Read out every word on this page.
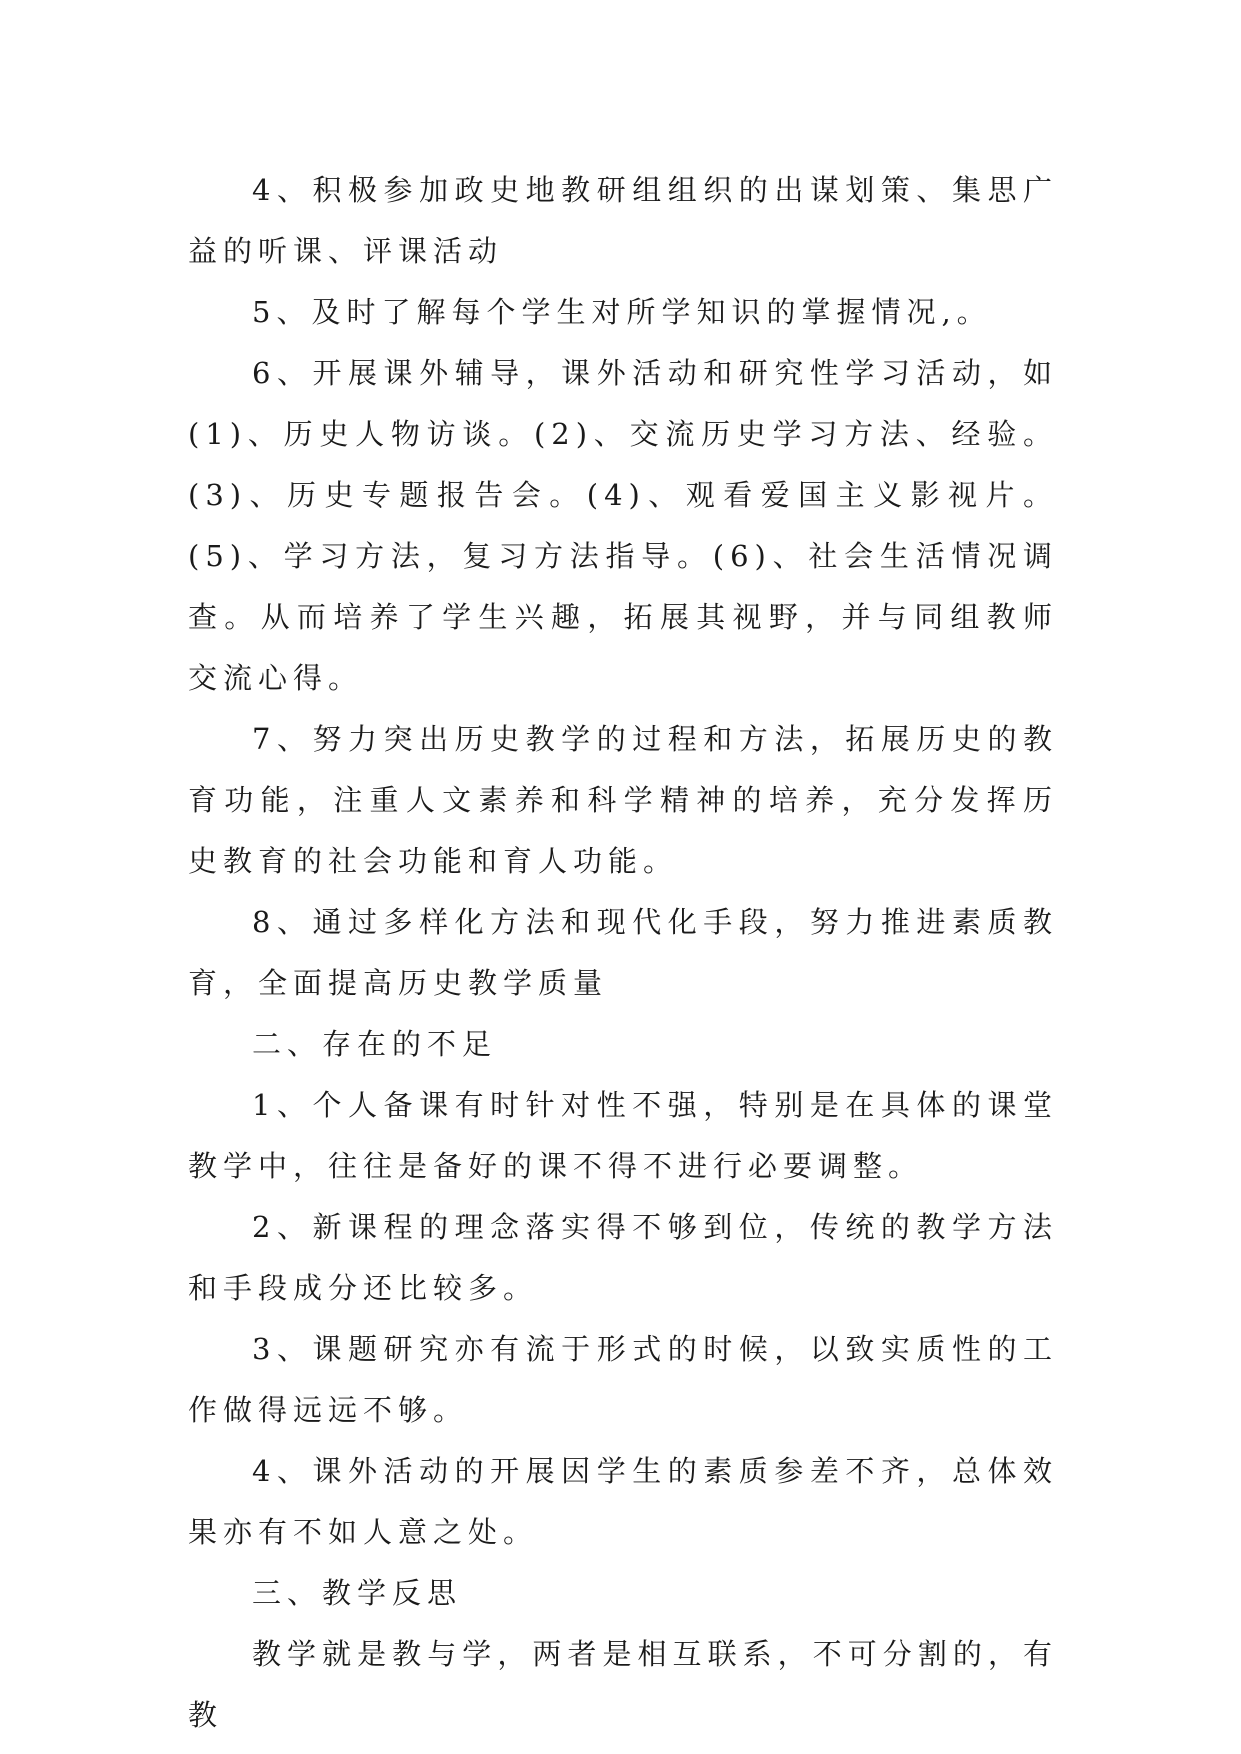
4、积极参加政史地教研组组织的出谋划策、集思广益的听课、评课活动

5、及时了解每个学生对所学知识的掌握情况,。

6、开展课外辅导，课外活动和研究性学习活动，如(1)、历史人物访谈。(2)、交流历史学习方法、经验。(3)、历史专题报告会。(4)、观看爱国主义影视片。(5)、学习方法，复习方法指导。(6)、社会生活情况调查。从而培养了学生兴趣，拓展其视野，并与同组教师交流心得。

7、努力突出历史教学的过程和方法，拓展历史的教育功能，注重人文素养和科学精神的培养，充分发挥历史教育的社会功能和育人功能。

8、通过多样化方法和现代化手段，努力推进素质教育，全面提高历史教学质量

二、存在的不足

1、个人备课有时针对性不强，特别是在具体的课堂教学中，往往是备好的课不得不进行必要调整。

2、新课程的理念落实得不够到位，传统的教学方法和手段成分还比较多。

3、课题研究亦有流于形式的时候，以致实质性的工作做得远远不够。

4、课外活动的开展因学生的素质参差不齐，总体效果亦有不如人意之处。

三、教学反思

教学就是教与学，两者是相互联系，不可分割的，有教
